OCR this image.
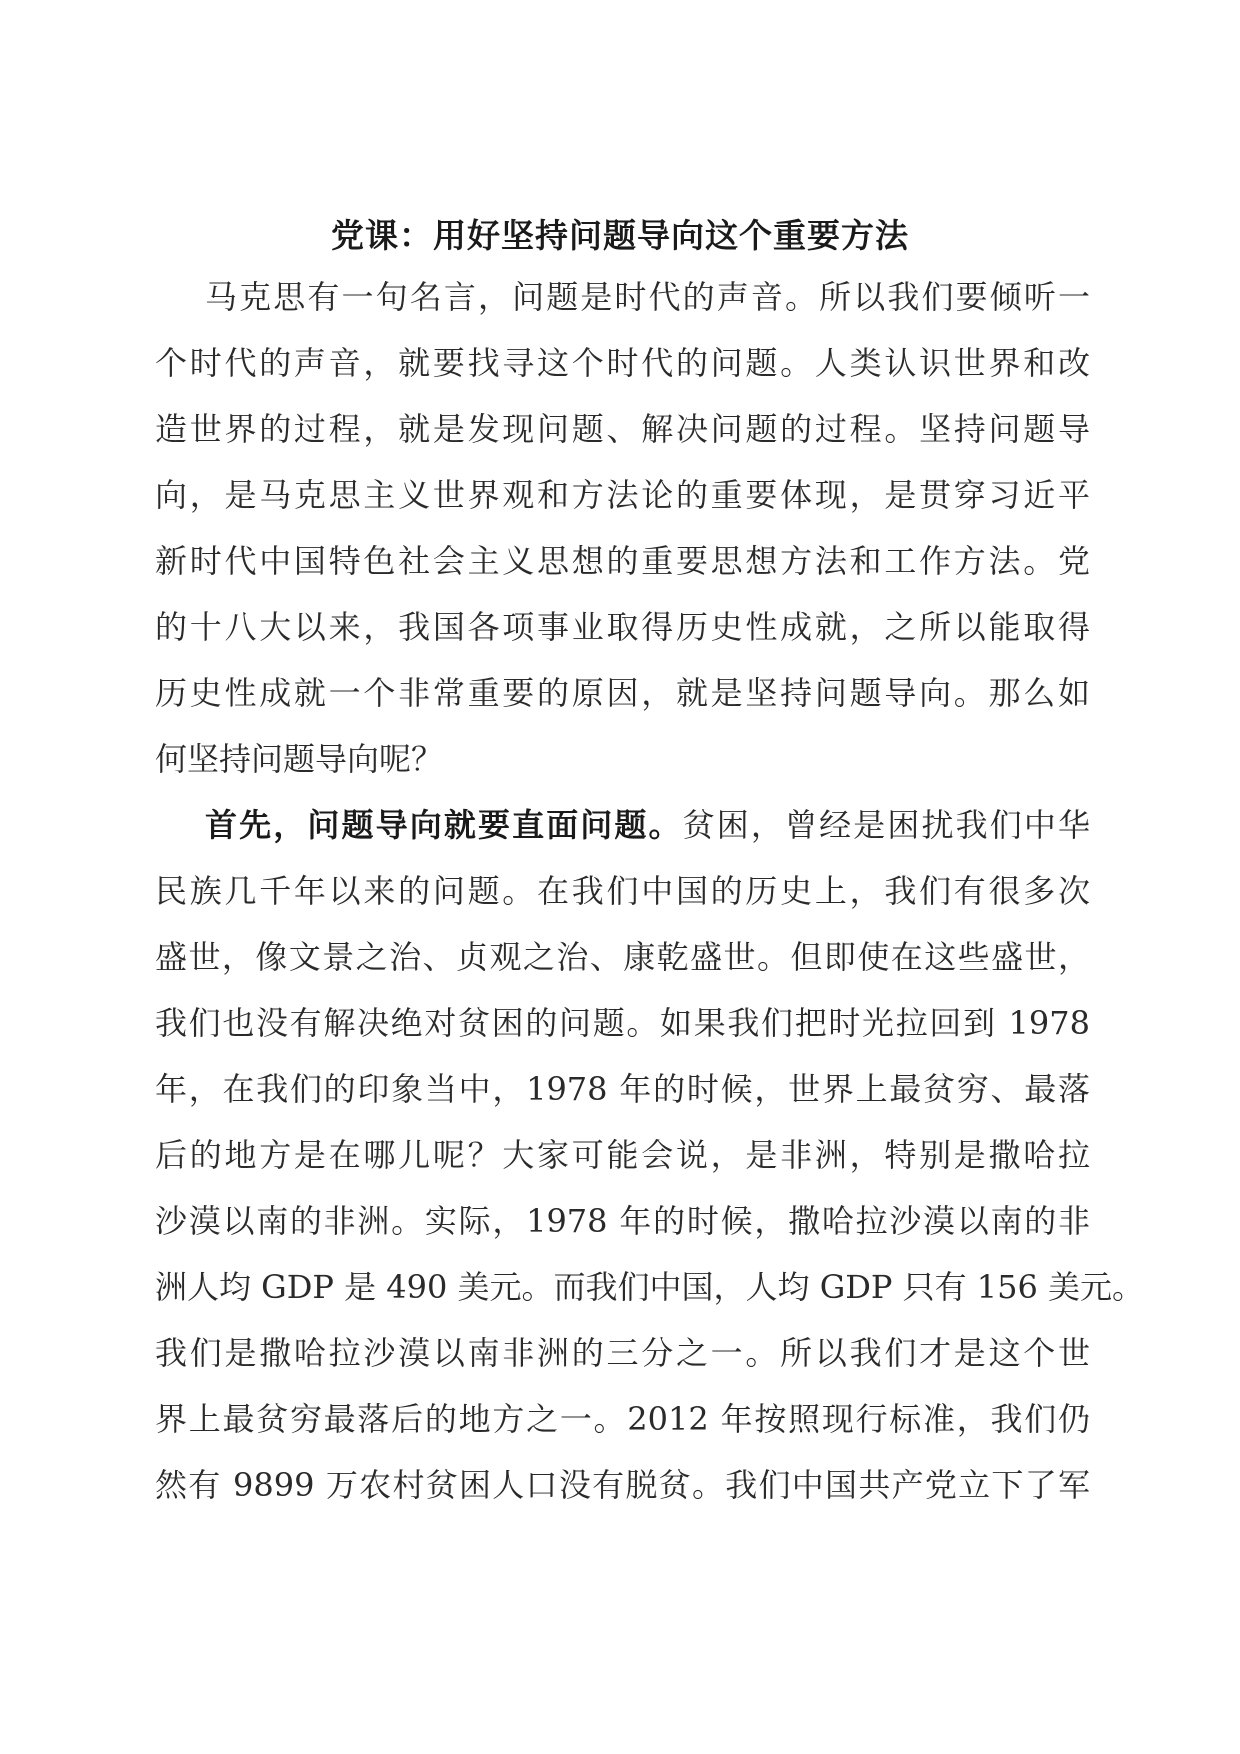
党课：用好坚持问题导向这个重要方法
马克思有一句名言，问题是时代的声音。所以我们要倾听一
个时代的声音，就要找寻这个时代的问题。人类认识世界和改
造世界的过程，就是发现问题、解决问题的过程。坚持问题导
向，是马克思主义世界观和方法论的重要体现，是贯穿习近平
新时代中国特色社会主义思想的重要思想方法和工作方法。党
的十八大以来，我国各项事业取得历史性成就，之所以能取得
历史性成就一个非常重要的原因，就是坚持问题导向。那么如
何坚持问题导向呢？
首先，问题导向就要直面问题。贫困，曾经是困扰我们中华
民族几千年以来的问题。在我们中国的历史上，我们有很多次
盛世，像文景之治、贞观之治、康乾盛世。但即使在这些盛世，
我们也没有解决绝对贫困的问题。如果我们把时光拉回到 1978
年，在我们的印象当中，1978 年的时候，世界上最贫穷、最落
后的地方是在哪儿呢？大家可能会说，是非洲，特别是撒哈拉
沙漠以南的非洲。实际，1978 年的时候，撒哈拉沙漠以南的非
洲人均 GDP 是 490 美元。而我们中国，人均 GDP 只有 156 美元。
我们是撒哈拉沙漠以南非洲的三分之一。所以我们才是这个世
界上最贫穷最落后的地方之一。2012 年按照现行标准，我们仍
然有 9899 万农村贫困人口没有脱贫。我们中国共产党立下了军
